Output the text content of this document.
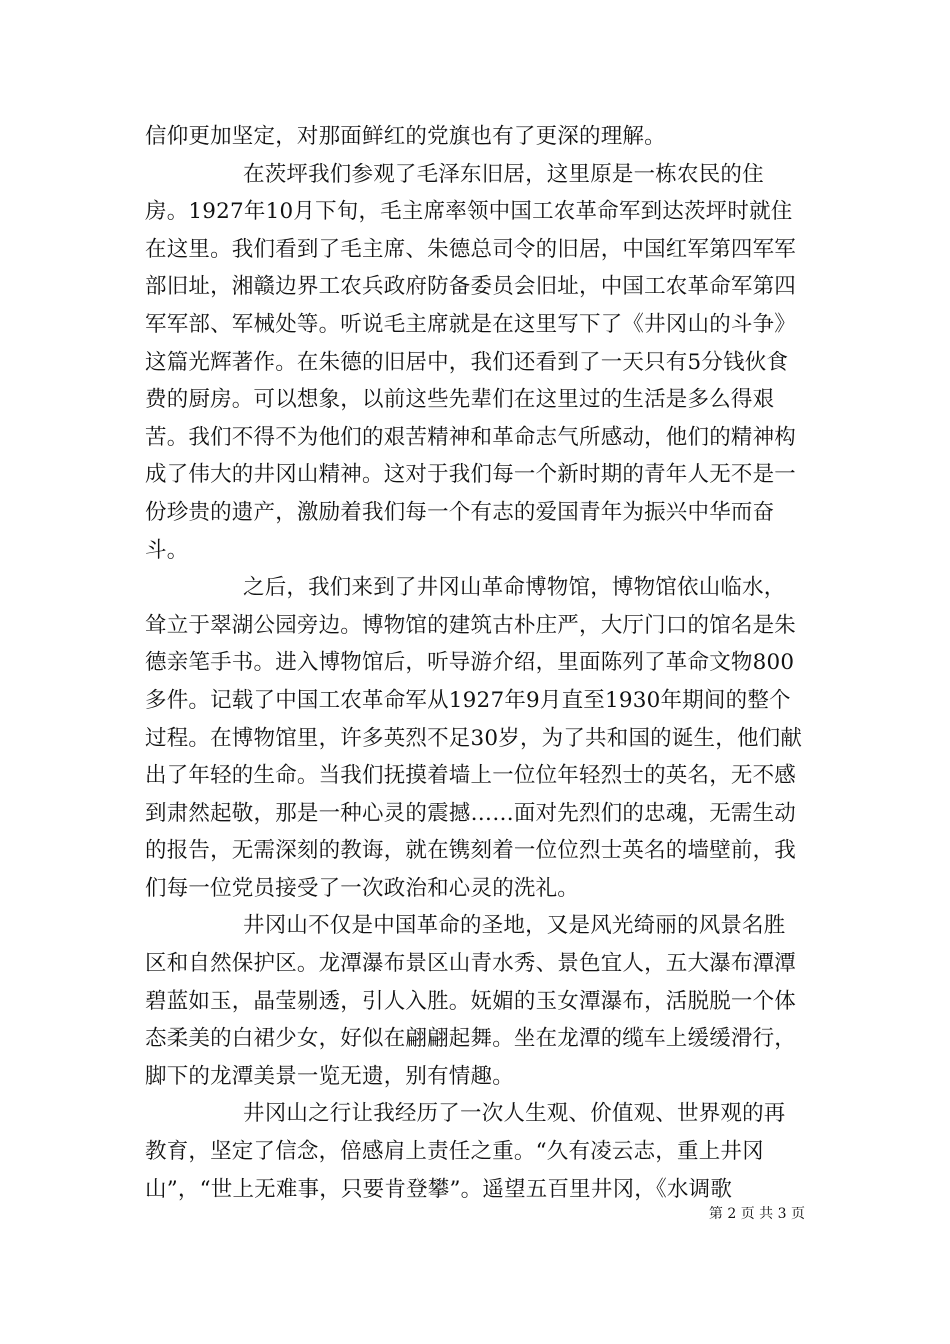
信仰更加坚定，对那面鲜红的党旗也有了更深的理解。

在茨坪我们参观了毛泽东旧居，这里原是一栋农民的住房。1927年10月下旬，毛主席率领中国工农革命军到达茨坪时就住在这里。我们看到了毛主席、朱德总司令的旧居，中国红军第四军军部旧址，湘赣边界工农兵政府防备委员会旧址，中国工农革命军第四军军部、军械处等。听说毛主席就是在这里写下了《井冈山的斗争》这篇光辉著作。在朱德的旧居中，我们还看到了一天只有5分钱伙食费的厨房。可以想象，以前这些先辈们在这里过的生活是多么得艰苦。我们不得不为他们的艰苦精神和革命志气所感动，他们的精神构成了伟大的井冈山精神。这对于我们每一个新时期的青年人无不是一份珍贵的遗产，激励着我们每一个有志的爱国青年为振兴中华而奋斗。

之后，我们来到了井冈山革命博物馆，博物馆依山临水，耸立于翠湖公园旁边。博物馆的建筑古朴庄严，大厅门口的馆名是朱德亲笔手书。进入博物馆后，听导游介绍，里面陈列了革命文物800多件。记载了中国工农革命军从1927年9月直至1930年期间的整个过程。在博物馆里，许多英烈不足30岁，为了共和国的诞生，他们献出了年轻的生命。当我们抚摸着墙上一位位年轻烈士的英名，无不感到肃然起敬，那是一种心灵的震撼……面对先烈们的忠魂，无需生动的报告，无需深刻的教诲，就在镌刻着一位位烈士英名的墙壁前，我们每一位党员接受了一次政治和心灵的洗礼。

井冈山不仅是中国革命的圣地，又是风光绮丽的风景名胜区和自然保护区。龙潭瀑布景区山青水秀、景色宜人，五大瀑布潭潭碧蓝如玉，晶莹剔透，引人入胜。妩媚的玉女潭瀑布，活脱脱一个体态柔美的白裙少女，好似在翩翩起舞。坐在龙潭的缆车上缓缓滑行，脚下的龙潭美景一览无遗，别有情趣。

井冈山之行让我经历了一次人生观、价值观、世界观的再教育，坚定了信念，倍感肩上责任之重。“久有凌云志，重上井冈山”，“世上无难事，只要肯登攀”。遥望五百里井冈，《水调歌

第 2 页 共 3 页
